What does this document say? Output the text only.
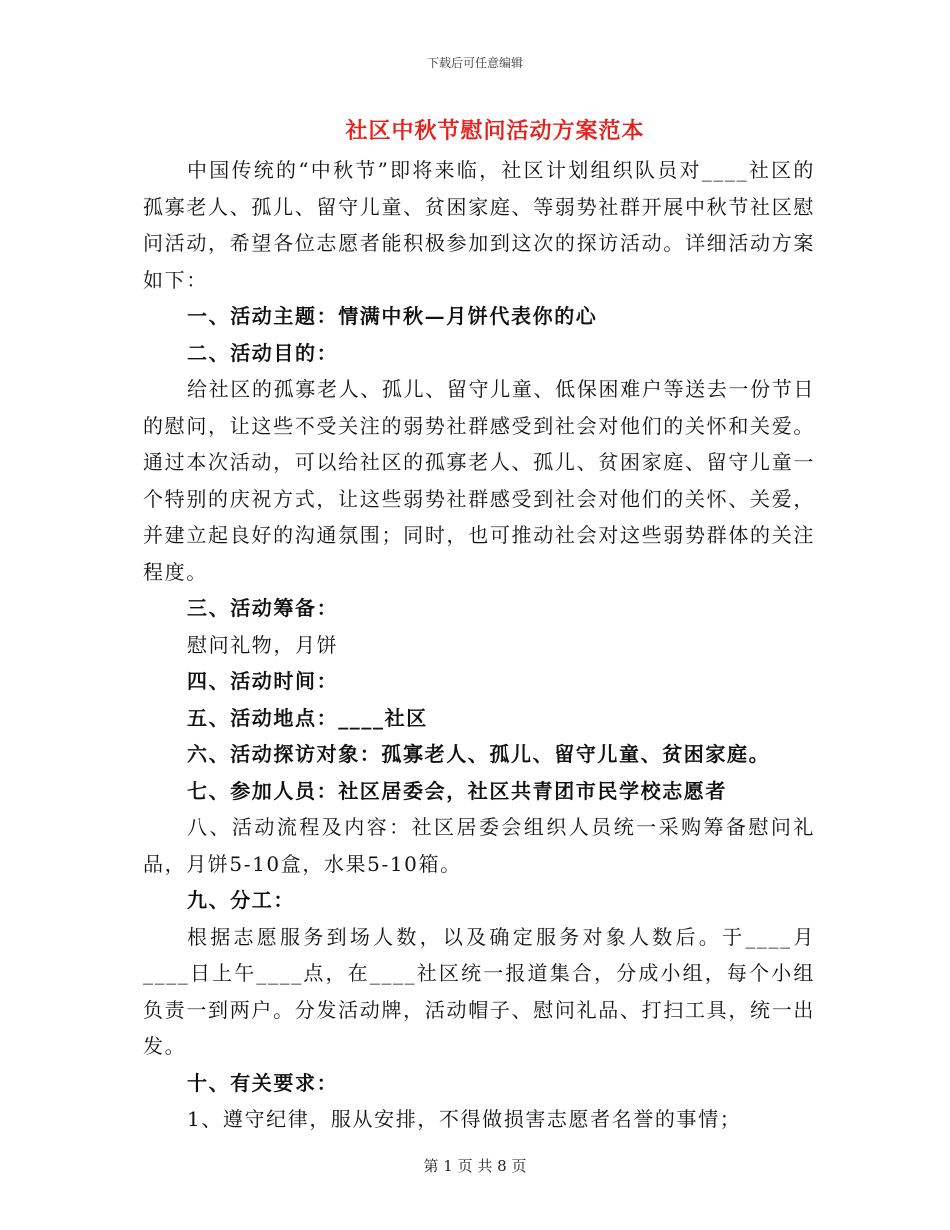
下载后可任意编辑
社区中秋节慰问活动方案范本

中国传统的“中秋节”即将来临，社区计划组织队员对____社区的孤寡老人、孤儿、留守儿童、贫困家庭、等弱势社群开展中秋节社区慰问活动，希望各位志愿者能积极参加到这次的探访活动。详细活动方案如下：

一、活动主题：情满中秋—月饼代表你的心

二、活动目的：

给社区的孤寡老人、孤儿、留守儿童、低保困难户等送去一份节日的慰问，让这些不受关注的弱势社群感受到社会对他们的关怀和关爱。通过本次活动，可以给社区的孤寡老人、孤儿、贫困家庭、留守儿童一个特别的庆祝方式，让这些弱势社群感受到社会对他们的关怀、关爱，并建立起良好的沟通氛围；同时，也可推动社会对这些弱势群体的关注程度。

三、活动筹备：

慰问礼物，月饼

四、活动时间：

五、活动地点：____社区

六、活动探访对象：孤寡老人、孤儿、留守儿童、贫困家庭。

七、参加人员：社区居委会，社区共青团市民学校志愿者

八、活动流程及内容：社区居委会组织人员统一采购筹备慰问礼品，月饼5-10盒，水果5-10箱。

九、分工：

根据志愿服务到场人数，以及确定服务对象人数后。于____月____日上午____点，在____社区统一报道集合，分成小组，每个小组负责一到两户。分发活动牌，活动帽子、慰问礼品、打扫工具，统一出发。

十、有关要求：

1、遵守纪律，服从安排，不得做损害志愿者名誉的事情；

第 1 页 共 8 页
